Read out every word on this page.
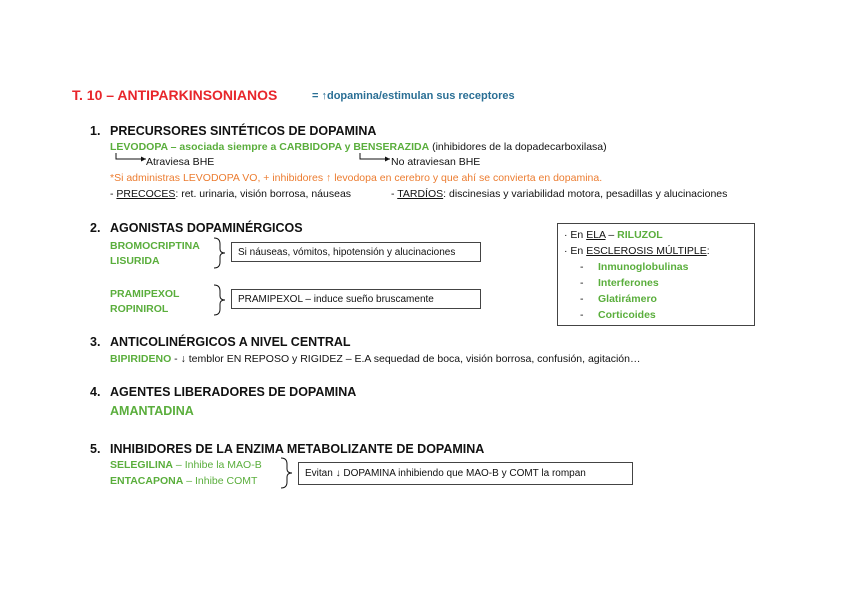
T. 10 – ANTIPARKINSONIANOS	= ↑dopamina/estimulan sus receptores
1. PRECURSORES SINTÉTICOS DE DOPAMINA
LEVODOPA – asociada siempre a CARBIDOPA y BENSERAZIDA (inhibidores de la dopadecarboxilasa)
Atraviesa BHE	No atraviesan BHE
*Si administras LEVODOPA VO, + inhibidores ↑ levodopa en cerebro y que ahí se convierta en dopamina.
- PRECOCES: ret. urinaria, visión borrosa, náuseas	- TARDÍOS: discinesias y variabilidad motora, pesadillas y alucinaciones
2. AGONISTAS DOPAMINÉRGICOS
BROMOCRIPTINA
LISURIDA
Si náuseas, vómitos, hipotensión y alucinaciones
PRAMIPEXOL
ROPINIROL
PRAMIPEXOL – induce sueño bruscamente
· En ELA – RILUZOL
· En ESCLEROSIS MÚLTIPLE:
- Inmunoglobulinas
- Interferones
- Glatirámero
- Corticoides
3. ANTICOLINÉRGICOS A NIVEL CENTRAL
BIPIRIDENO - ↓ temblor EN REPOSO y RIGIDEZ – E.A sequedad de boca, visión borrosa, confusión, agitación…
4. AGENTES LIBERADORES DE DOPAMINA
AMANTADINA
5. INHIBIDORES DE LA ENZIMA METABOLIZANTE DE DOPAMINA
SELEGILINA – Inhibe la MAO-B
ENTACAPONA – Inhibe COMT
Evitan ↓ DOPAMINA inhibiendo que MAO-B y COMT la rompan
